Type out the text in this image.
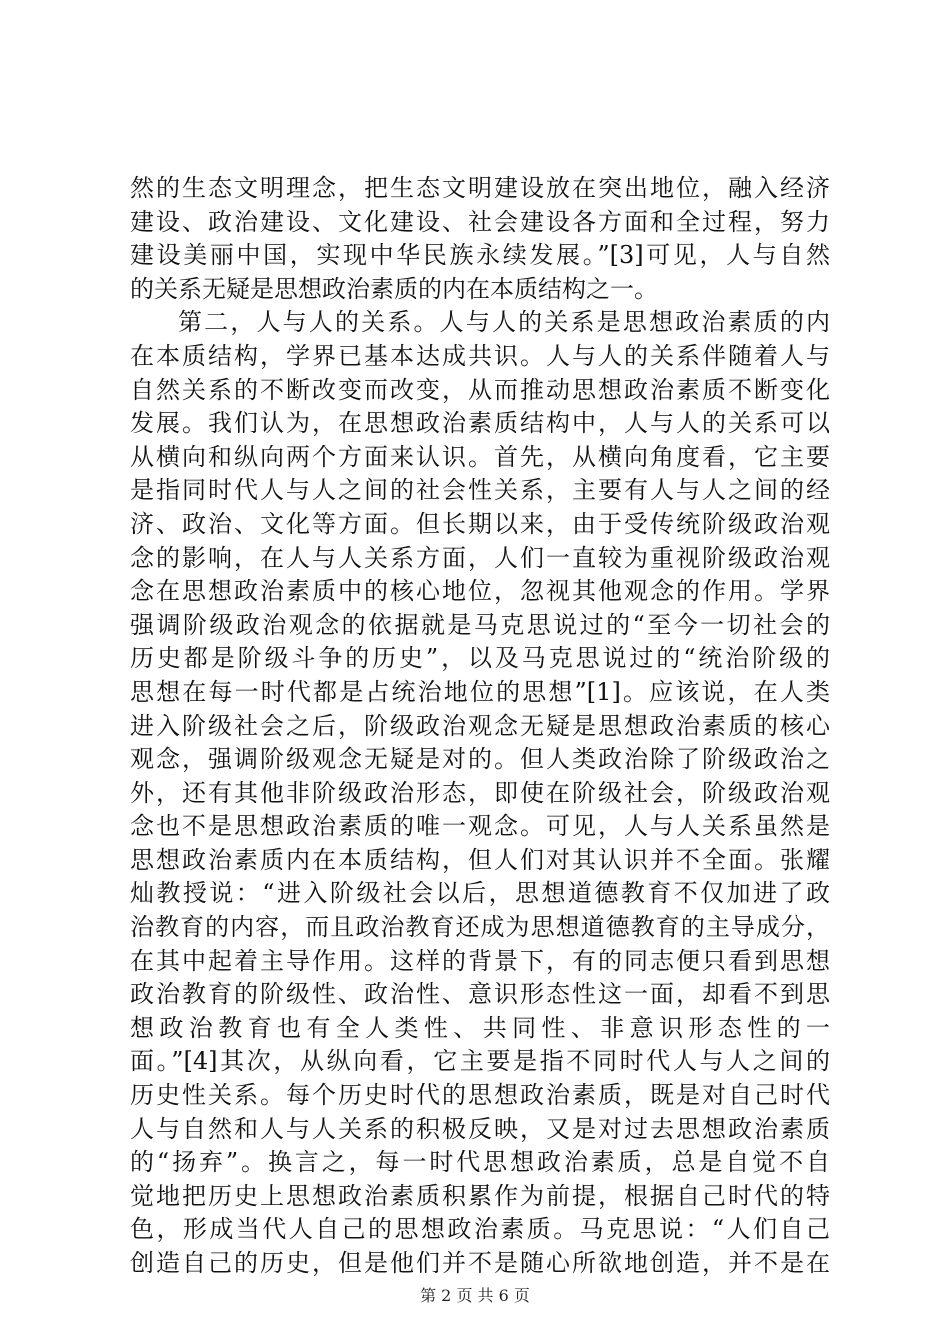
然的生态文明理念，把生态文明建设放在突出地位，融入经济
建设、政治建设、文化建设、社会建设各方面和全过程，努力
建设美丽中国，实现中华民族永续发展。”[3]可见，人与自然
的关系无疑是思想政治素质的内在本质结构之一。
第二，人与人的关系。人与人的关系是思想政治素质的内
在本质结构，学界已基本达成共识。人与人的关系伴随着人与
自然关系的不断改变而改变，从而推动思想政治素质不断变化
发展。我们认为，在思想政治素质结构中，人与人的关系可以
从横向和纵向两个方面来认识。首先，从横向角度看，它主要
是指同时代人与人之间的社会性关系，主要有人与人之间的经
济、政治、文化等方面。但长期以来，由于受传统阶级政治观
念的影响，在人与人关系方面，人们一直较为重视阶级政治观
念在思想政治素质中的核心地位，忽视其他观念的作用。学界
强调阶级政治观念的依据就是马克思说过的“至今一切社会的
历史都是阶级斗争的历史”，以及马克思说过的“统治阶级的
思想在每一时代都是占统治地位的思想”[1]。应该说，在人类
进入阶级社会之后，阶级政治观念无疑是思想政治素质的核心
观念，强调阶级观念无疑是对的。但人类政治除了阶级政治之
外，还有其他非阶级政治形态，即使在阶级社会，阶级政治观
念也不是思想政治素质的唯一观念。可见，人与人关系虽然是
思想政治素质内在本质结构，但人们对其认识并不全面。张耀
灿教授说：“进入阶级社会以后，思想道德教育不仅加进了政
治教育的内容，而且政治教育还成为思想道德教育的主导成分，
在其中起着主导作用。这样的背景下，有的同志便只看到思想
政治教育的阶级性、政治性、意识形态性这一面，却看不到思
想政治教育也有全人类性、共同性、非意识形态性的一
面。”[4]其次，从纵向看，它主要是指不同时代人与人之间的
历史性关系。每个历史时代的思想政治素质，既是对自己时代
人与自然和人与人关系的积极反映，又是对过去思想政治素质
的“扬弃”。换言之，每一时代思想政治素质，总是自觉不自
觉地把历史上思想政治素质积累作为前提，根据自己时代的特
色，形成当代人自己的思想政治素质。马克思说：“人们自己
创造自己的历史，但是他们并不是随心所欲地创造，并不是在
第 2 页 共 6 页
